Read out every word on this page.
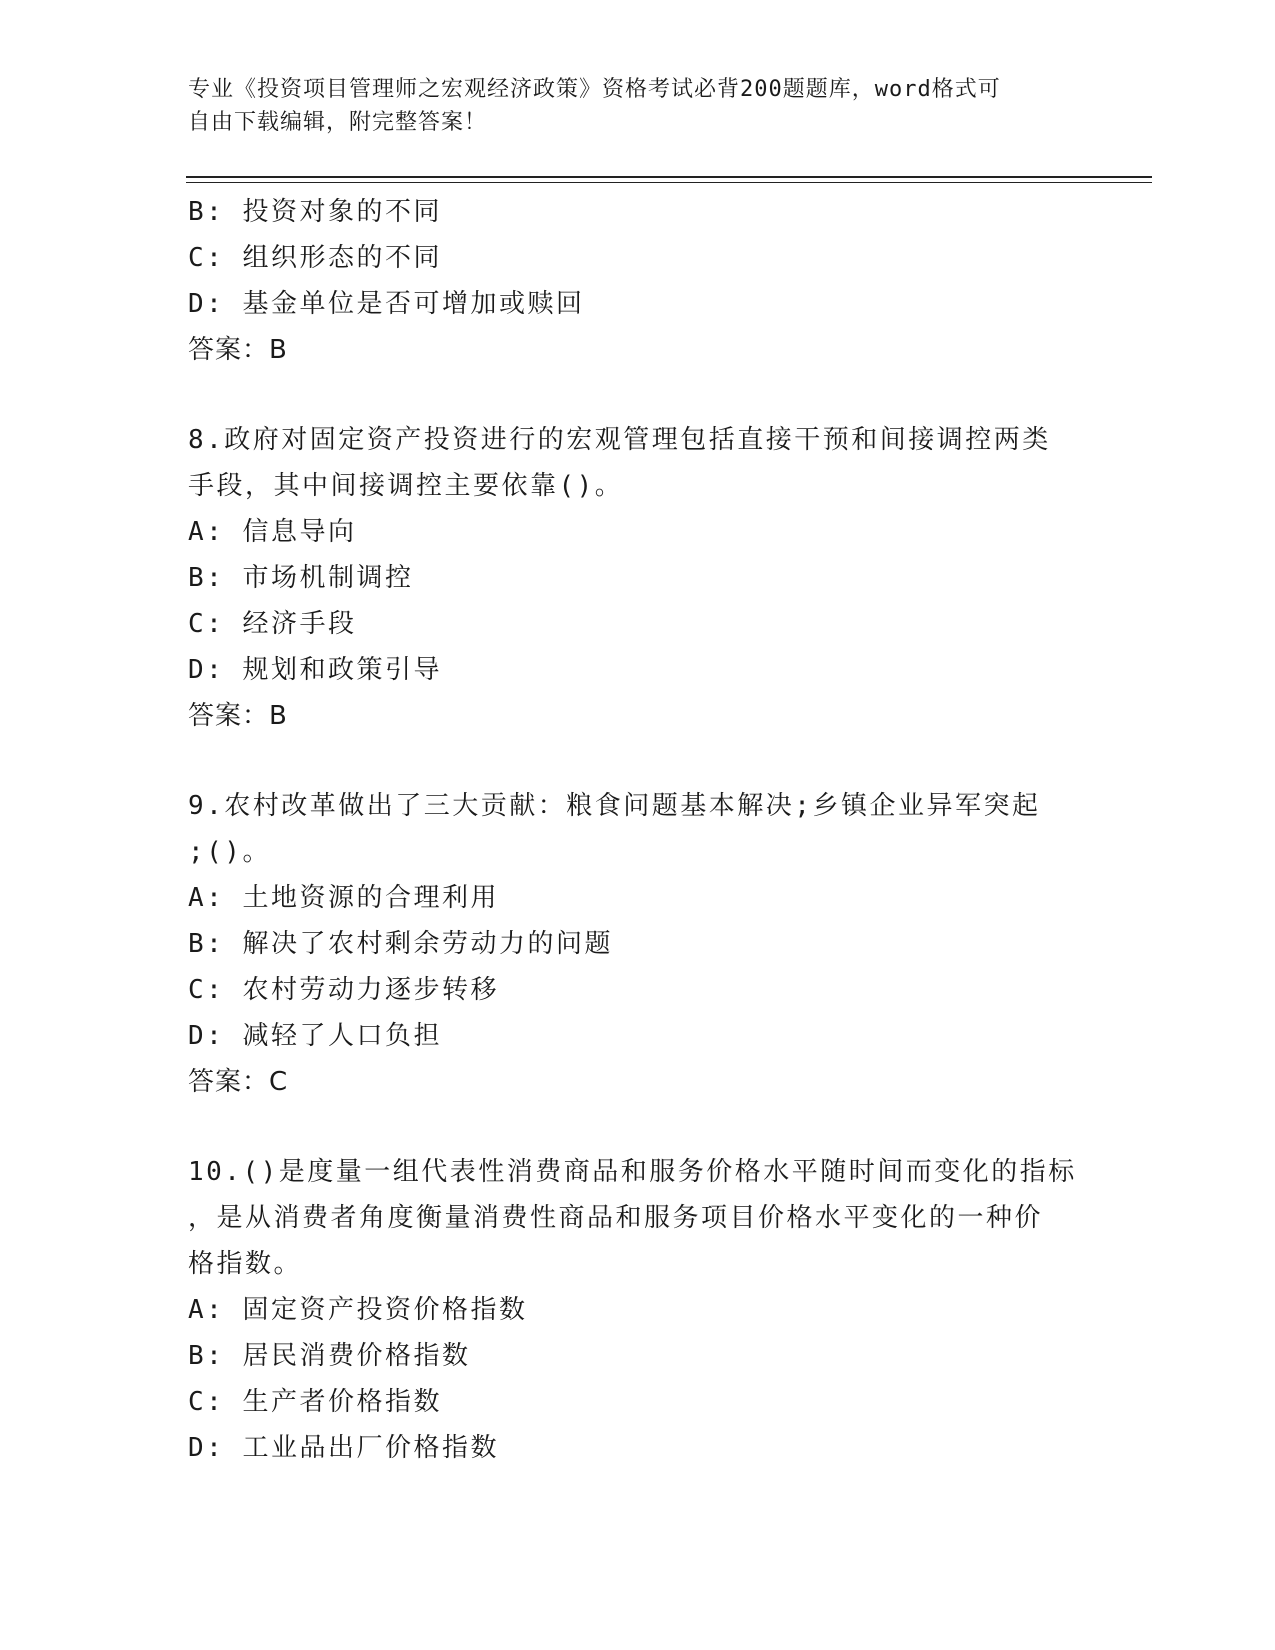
专业《投资项目管理师之宏观经济政策》资格考试必背200题题库，word格式可
自由下载编辑，附完整答案！
B: 投资对象的不同
C: 组织形态的不同
D: 基金单位是否可增加或赎回
答案：B
8.政府对固定资产投资进行的宏观管理包括直接干预和间接调控两类
手段，其中间接调控主要依靠()。
A: 信息导向
B: 市场机制调控
C: 经济手段
D: 规划和政策引导
答案：B
9.农村改革做出了三大贡献：粮食问题基本解决;乡镇企业异军突起
;()。
A: 土地资源的合理利用
B: 解决了农村剩余劳动力的问题
C: 农村劳动力逐步转移
D: 减轻了人口负担
答案：C
10.()是度量一组代表性消费商品和服务价格水平随时间而变化的指标
，是从消费者角度衡量消费性商品和服务项目价格水平变化的一种价
格指数。
A: 固定资产投资价格指数
B: 居民消费价格指数
C: 生产者价格指数
D: 工业品出厂价格指数
